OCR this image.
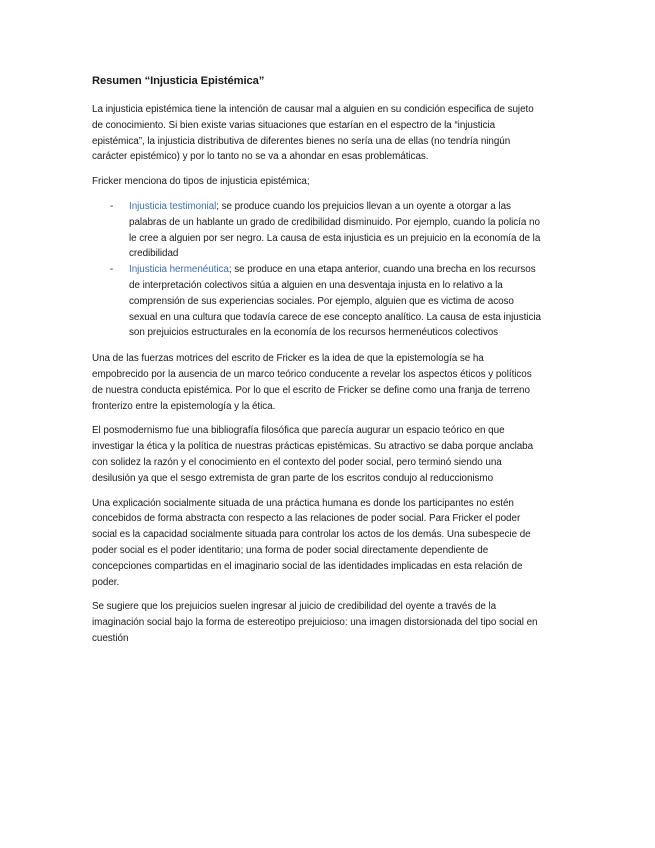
Resumen “Injusticia Epistémica”

La injusticia epistémica tiene la intención de causar mal a alguien en su condición especifica de sujeto de conocimiento. Si bien existe varias situaciones que estarían en el espectro de la “injusticia epistémica”, la injusticia distributiva de diferentes bienes no sería una de ellas (no tendría ningún carácter epistémico) y por lo tanto no se va a ahondar en esas problemáticas.

Fricker menciona do tipos de injusticia epistémica;

- Injusticia testimonial; se produce cuando los prejuicios llevan a un oyente a otorgar a las palabras de un hablante un grado de credibilidad disminuido. Por ejemplo, cuando la policía no le cree a alguien por ser negro. La causa de esta injusticia es un prejuicio en la economía de la credibilidad
- Injusticia hermenéutica; se produce en una etapa anterior, cuando una brecha en los recursos de interpretación colectivos sitúa a alguien en una desventaja injusta en lo relativo a la comprensión de sus experiencias sociales. Por ejemplo, alguien que es victima de acoso sexual en una cultura que todavía carece de ese concepto analítico. La causa de esta injusticia son prejuicios estructurales en la economía de los recursos hermenéuticos colectivos

Una de las fuerzas motrices del escrito de Fricker es la idea de que la epistemología se ha empobrecido por la ausencia de un marco teórico conducente a revelar los aspectos éticos y políticos de nuestra conducta epistémica. Por lo que el escrito de Fricker se define como una franja de terreno fronterizo entre la epistemología y la ética.

El posmodernismo fue una bibliografía filosófica que parecía augurar un espacio teórico en que investigar la ética y la política de nuestras prácticas epistémicas. Su atractivo se daba porque anclaba con solidez la razón y el conocimiento en el contexto del poder social, pero terminó siendo una desilusión ya que el sesgo extremista de gran parte de los escritos condujo al reduccionismo

Una explicación socialmente situada de una práctica humana es donde los participantes no estén concebidos de forma abstracta con respecto a las relaciones de poder social. Para Fricker el poder social es la capacidad socialmente situada para controlar los actos de los demás. Una subespecie de poder social es el poder identitario; una forma de poder social directamente dependiente de concepciones compartidas en el imaginario social de las identidades implicadas en esta relación de poder.

Se sugiere que los prejuicios suelen ingresar al juicio de credibilidad del oyente a través de la imaginación social bajo la forma de estereotipo prejuicioso: una imagen distorsionada del tipo social en cuestión
